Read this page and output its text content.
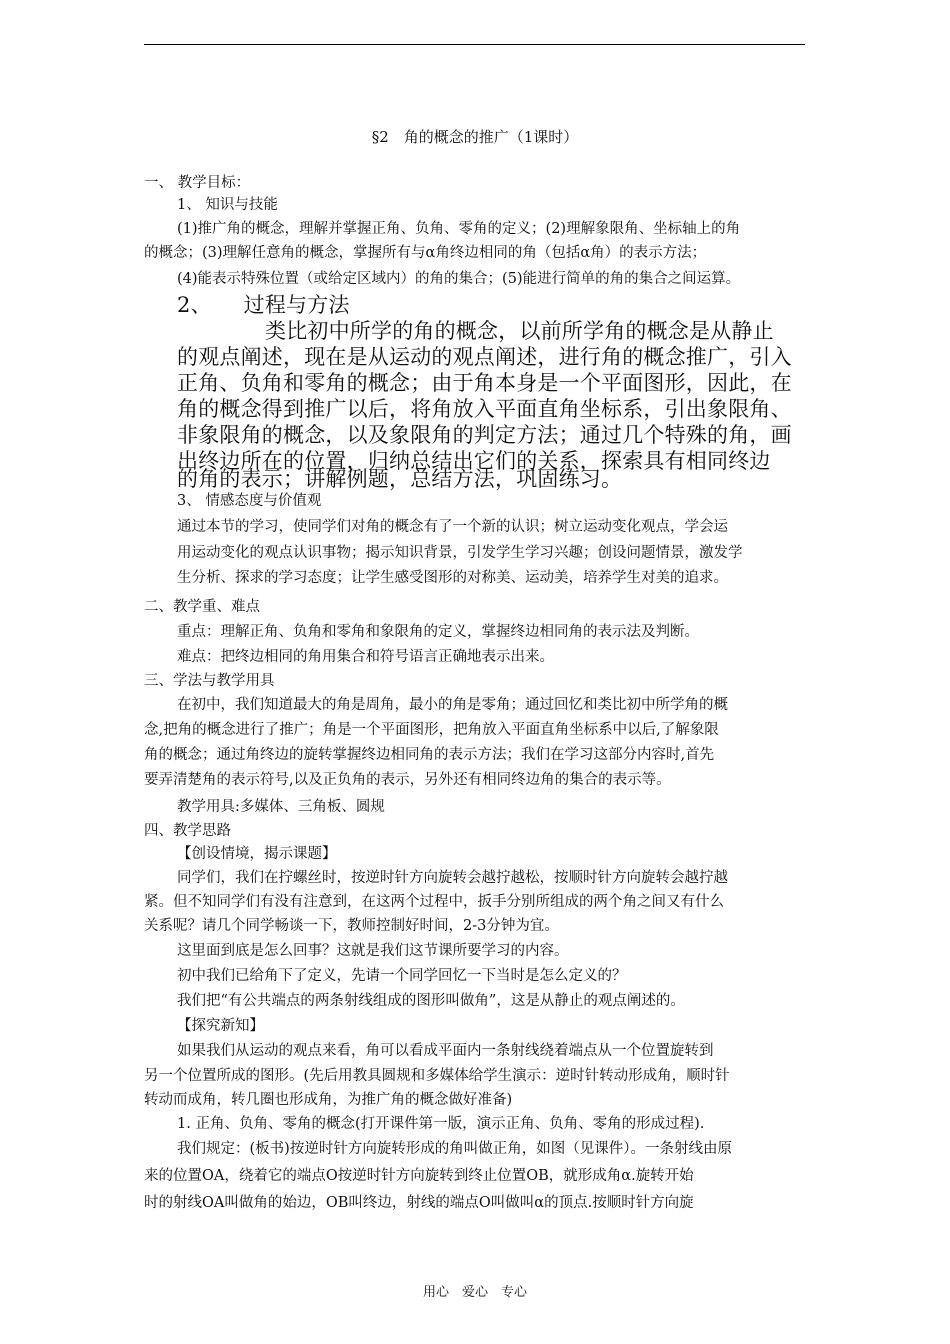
§2　角的概念的推广（1课时）
一、 教学目标：
1、 知识与技能
(1)推广角的概念，理解并掌握正角、负角、零角的定义；(2)理解象限角、坐标轴上的角
的概念；(3)理解任意角的概念，掌握所有与α角终边相同的角（包括α角）的表示方法；
(4)能表示特殊位置（或给定区域内）的角的集合；(5)能进行简单的角的集合之间运算。
2、　　过程与方法
类比初中所学的角的概念，以前所学角的概念是从静止
的观点阐述，现在是从运动的观点阐述，进行角的概念推广，引入
正角、负角和零角的概念；由于角本身是一个平面图形，因此，在
角的概念得到推广以后，将角放入平面直角坐标系，引出象限角、
非象限角的概念，以及象限角的判定方法；通过几个特殊的角，画
出终边所在的位置，归纳总结出它们的关系，探索具有相同终边
的角的表示；讲解例题，总结方法，巩固练习。
3、 情感态度与价值观
通过本节的学习，使同学们对角的概念有了一个新的认识；树立运动变化观点，学会运
用运动变化的观点认识事物；揭示知识背景，引发学生学习兴趣；创设问题情景，激发学
生分析、探求的学习态度；让学生感受图形的对称美、运动美，培养学生对美的追求。
二、教学重、难点
重点：理解正角、负角和零角和象限角的定义，掌握终边相同角的表示法及判断。
难点：把终边相同的角用集合和符号语言正确地表示出来。
三、学法与教学用具
在初中，我们知道最大的角是周角，最小的角是零角；通过回忆和类比初中所学角的概
念,把角的概念进行了推广；角是一个平面图形，把角放入平面直角坐标系中以后,了解象限
角的概念；通过角终边的旋转掌握终边相同角的表示方法；我们在学习这部分内容时,首先
要弄清楚角的表示符号,以及正负角的表示，另外还有相同终边角的集合的表示等。
教学用具:多媒体、三角板、圆规
四、教学思路
【创设情境，揭示课题】
同学们，我们在拧螺丝时，按逆时针方向旋转会越拧越松，按顺时针方向旋转会越拧越
紧。但不知同学们有没有注意到，在这两个过程中，扳手分别所组成的两个角之间又有什么
关系呢？请几个同学畅谈一下，教师控制好时间，2-3分钟为宜。
这里面到底是怎么回事？这就是我们这节课所要学习的内容。
初中我们已给角下了定义，先请一个同学回忆一下当时是怎么定义的？
我们把“有公共端点的两条射线组成的图形叫做角”，这是从静止的观点阐述的。
【探究新知】
如果我们从运动的观点来看，角可以看成平面内一条射线绕着端点从一个位置旋转到
另一个位置所成的图形。(先后用教具圆规和多媒体给学生演示：逆时针转动形成角，顺时针
转动而成角，转几圈也形成角，为推广角的概念做好准备)
1. 正角、负角、零角的概念(打开课件第一版，演示正角、负角、零角的形成过程).
我们规定：(板书)按逆时针方向旋转形成的角叫做正角，如图（见课件）。一条射线由原
来的位置OA，绕着它的端点O按逆时针方向旋转到终止位置OB，就形成角α.旋转开始
时的射线OA叫做角的始边，OB叫终边，射线的端点O叫做叫α的顶点.按顺时针方向旋
用心　爱心　专心
